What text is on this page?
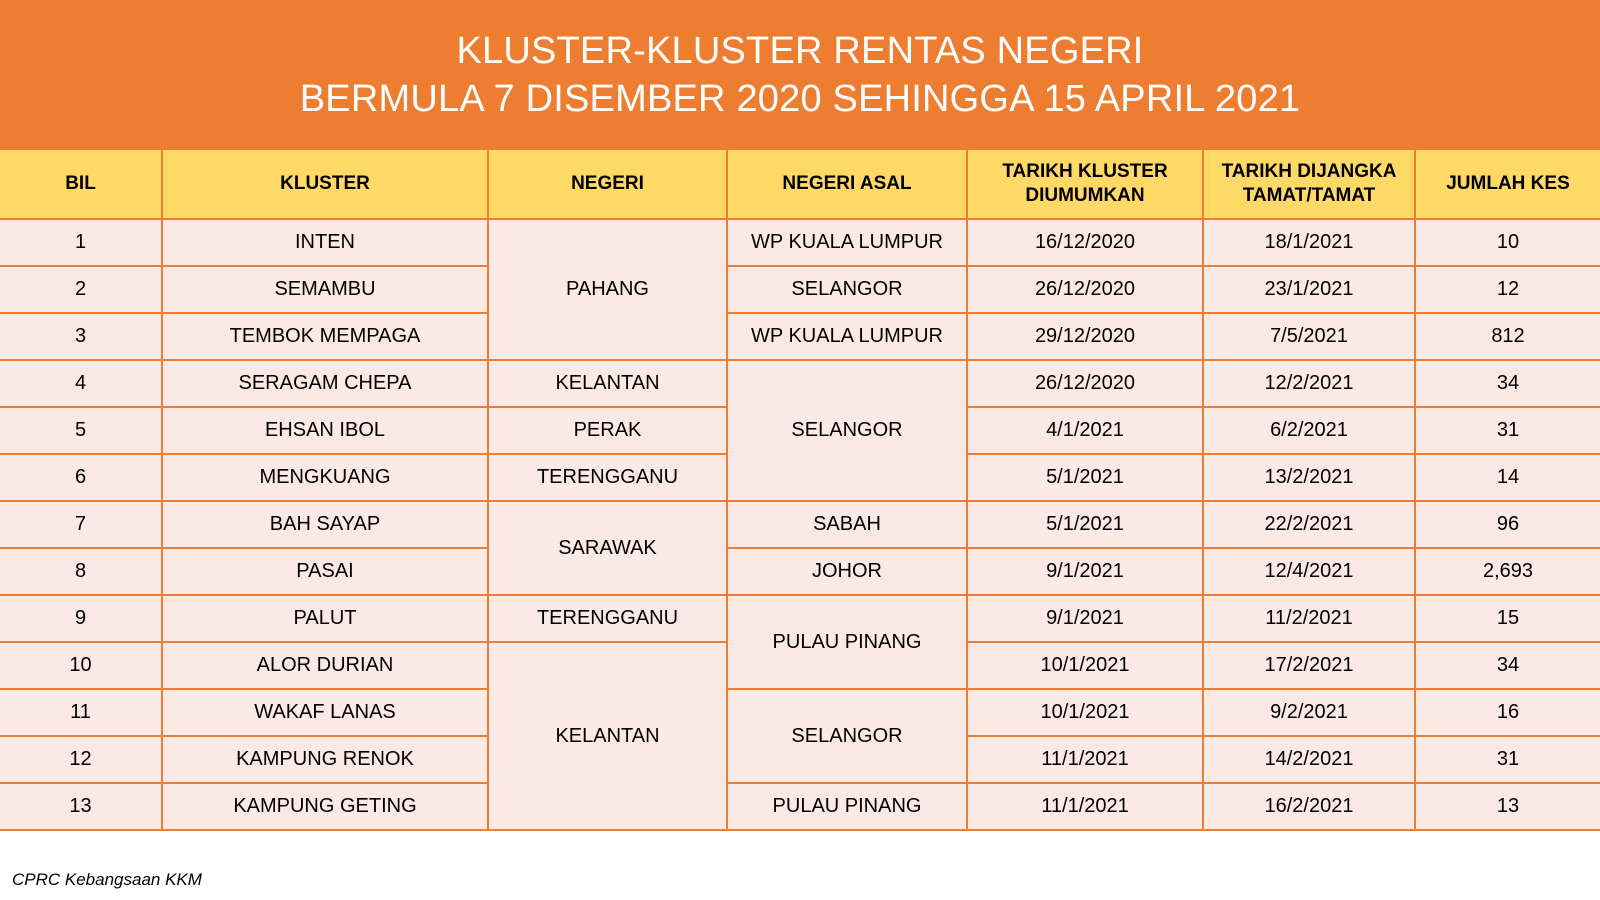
KLUSTER-KLUSTER RENTAS NEGERI
BERMULA 7 DISEMBER 2020 SEHINGGA 15 APRIL 2021
BIL	KLUSTER	NEGERI	NEGERI ASAL	TARIKH KLUSTER DIUMUMKAN	TARIKH DIJANGKA TAMAT/TAMAT	JUMLAH KES
1	INTEN	PAHANG	WP KUALA LUMPUR	16/12/2020	18/1/2021	10
2	SEMAMBU		SELANGOR	26/12/2020	23/1/2021	12
3	TEMBOK MEMPAGA		WP KUALA LUMPUR	29/12/2020	7/5/2021	812
4	SERAGAM CHEPA	KELANTAN	SELANGOR	26/12/2020	12/2/2021	34
5	EHSAN IBOL	PERAK		4/1/2021	6/2/2021	31
6	MENGKUANG	TERENGGANU		5/1/2021	13/2/2021	14
7	BAH SAYAP	SARAWAK	SABAH	5/1/2021	22/2/2021	96
8	PASAI		JOHOR	9/1/2021	12/4/2021	2,693
9	PALUT	TERENGGANU	PULAU PINANG	9/1/2021	11/2/2021	15
10	ALOR DURIAN	KELANTAN		10/1/2021	17/2/2021	34
11	WAKAF LANAS		SELANGOR	10/1/2021	9/2/2021	16
12	KAMPUNG RENOK			11/1/2021	14/2/2021	31
13	KAMPUNG GETING		PULAU PINANG	11/1/2021	16/2/2021	13
CPRC Kebangsaan KKM
